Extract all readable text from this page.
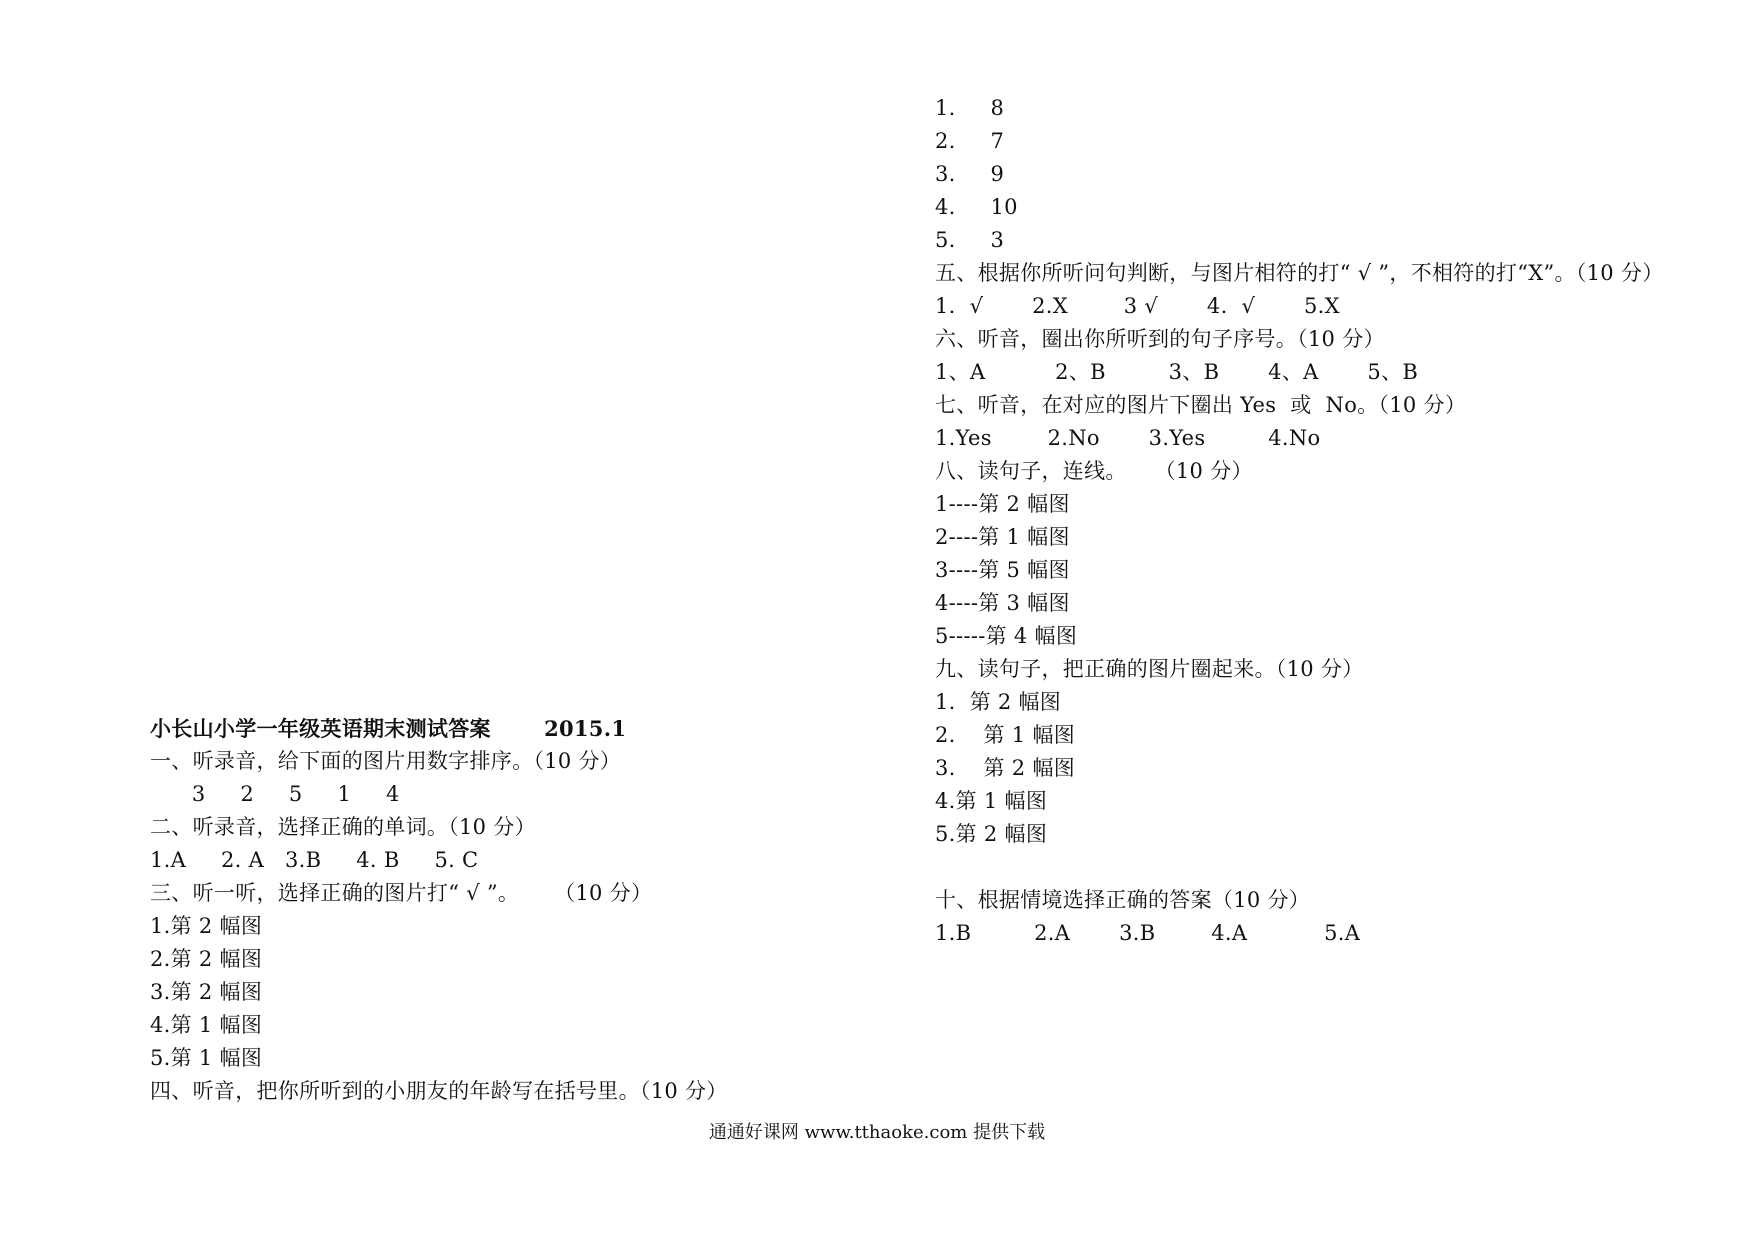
小长山小学一年级英语期末测试答案       2015.1
一、听录音，给下面的图片用数字排序。（10 分）
3     2     5     1     4
二、听录音，选择正确的单词。（10 分）
1.A     2. A   3.B     4. B     5. C
三、听一听，选择正确的图片打“ √ ”。     （10 分）
1.第 2 幅图
2.第 2 幅图
3.第 2 幅图
4.第 1 幅图
5.第 1 幅图
四、听音，把你所听到的小朋友的年龄写在括号里。（10 分）
1.     8
2.     7
3.     9
4.     10
5.     3
五、根据你所听问句判断，与图片相符的打“ √ ”，不相符的打“X”。（10 分）
1.  √       2.X        3 √       4.  √       5.X
六、听音，圈出你所听到的句子序号。（10 分）
1、A          2、B         3、B       4、A       5、B
七、听音，在对应的图片下圈出 Yes  或  No。（10 分）
1.Yes        2.No       3.Yes         4.No
八、读句子，连线。    （10 分）
1----第 2 幅图
2----第 1 幅图
3----第 5 幅图
4----第 3 幅图
5-----第 4 幅图
九、读句子，把正确的图片圈起来。（10 分）
1.  第 2 幅图
2.    第 1 幅图
3.    第 2 幅图
4.第 1 幅图
5.第 2 幅图
十、根据情境选择正确的答案（10 分）
1.B         2.A       3.B        4.A           5.A
通通好课网 www.tthaoke.com 提供下载
